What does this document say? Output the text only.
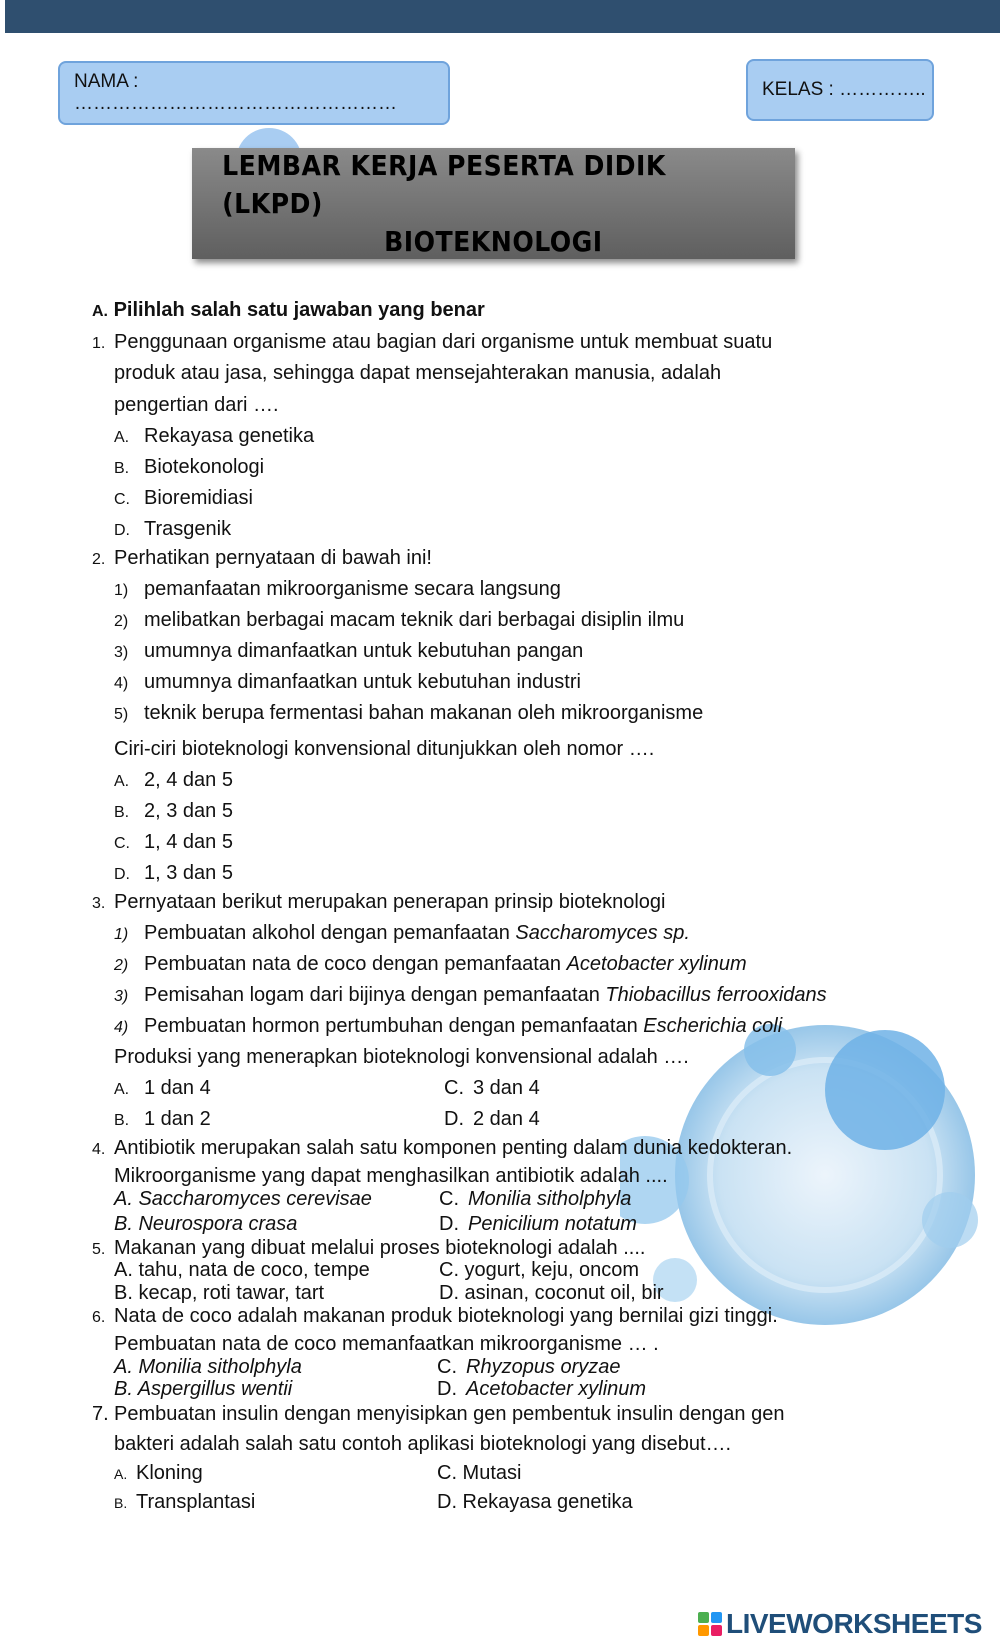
NAMA : ……………………………………………
KELAS : …………..
LEMBAR KERJA PESERTA DIDIK (LKPD)
BIOTEKNOLOGI
A. Pilihlah salah satu jawaban yang benar
1. Penggunaan organisme atau bagian dari organisme untuk membuat suatu
produk atau jasa, sehingga dapat mensejahterakan manusia, adalah
pengertian dari ….
A. Rekayasa genetika
B. Biotekonologi
C. Bioremidiasi
D. Trasgenik
2. Perhatikan pernyataan di bawah ini!
1) pemanfaatan mikroorganisme secara langsung
2) melibatkan berbagai macam teknik dari berbagai disiplin ilmu
3) umumnya dimanfaatkan untuk kebutuhan pangan
4) umumnya dimanfaatkan untuk kebutuhan industri
5) teknik berupa fermentasi bahan makanan oleh mikroorganisme
Ciri-ciri bioteknologi konvensional ditunjukkan oleh nomor ….
A. 2, 4 dan 5
B. 2, 3 dan 5
C. 1, 4 dan 5
D. 1, 3 dan 5
3. Pernyataan berikut merupakan penerapan prinsip bioteknologi
1) Pembuatan alkohol dengan pemanfaatan Saccharomyces sp.
2) Pembuatan nata de coco dengan pemanfaatan Acetobacter xylinum
3) Pemisahan logam dari bijinya dengan pemanfaatan Thiobacillus ferrooxidans
4) Pembuatan hormon pertumbuhan dengan pemanfaatan Escherichia coli
Produksi yang menerapkan bioteknologi konvensional adalah ….
A. 1 dan 4	C. 3 dan 4
B. 1 dan 2	D. 2 dan 4
4. Antibiotik merupakan salah satu komponen penting dalam dunia kedokteran.
Mikroorganisme yang dapat menghasilkan antibiotik adalah ....
A. Saccharomyces cerevisae	C. Monilia sitholphyla
B. Neurospora crasa	D. Penicilium notatum
5. Makanan yang dibuat melalui proses bioteknologi adalah ....
A. tahu, nata de coco, tempe	C. yogurt, keju, oncom
B. kecap, roti tawar, tart	D. asinan, coconut oil, bir
6. Nata de coco adalah makanan produk bioteknologi yang bernilai gizi tinggi.
Pembuatan nata de coco memanfaatkan mikroorganisme … .
A. Monilia sitholphyla	C. Rhyzopus oryzae
B. Aspergillus wentii	D. Acetobacter xylinum
7. Pembuatan insulin dengan menyisipkan gen pembentuk insulin dengan gen
bakteri adalah salah satu contoh aplikasi bioteknologi yang disebut….
A. Kloning	C. Mutasi
B. Transplantasi	D. Rekayasa genetika
LIVEWORKSHEETS
